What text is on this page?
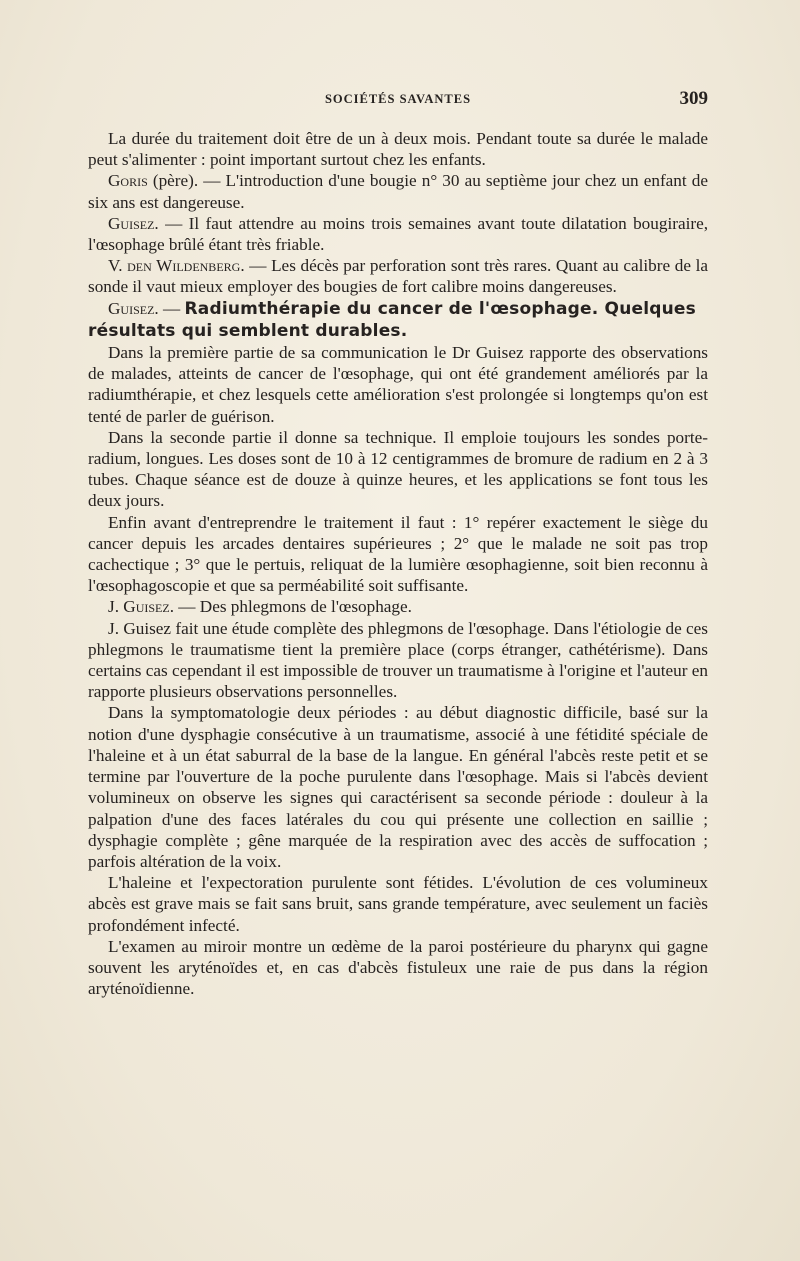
SOCIÉTÉS SAVANTES	309

La durée du traitement doit être de un à deux mois. Pendant toute sa durée le malade peut s'alimenter : point important surtout chez les enfants.

Goris (père). — L'introduction d'une bougie n° 30 au septième jour chez un enfant de six ans est dangereuse.

Guisez. — Il faut attendre au moins trois semaines avant toute dilatation bougiraire, l'œsophage brûlé étant très friable.

V. den Wildenberg. — Les décès par perforation sont très rares. Quant au calibre de la sonde il vaut mieux employer des bougies de fort calibre moins dangereuses.

Guisez. — Radiumthérapie du cancer de l'œsophage. Quelques résultats qui semblent durables.

Dans la première partie de sa communication le Dr Guisez rapporte des observations de malades, atteints de cancer de l'œsophage, qui ont été grandement améliorés par la radiumthérapie, et chez lesquels cette amélioration s'est prolongée si longtemps qu'on est tenté de parler de guérison.

Dans la seconde partie il donne sa technique. Il emploie toujours les sondes porte-radium, longues. Les doses sont de 10 à 12 centigrammes de bromure de radium en 2 à 3 tubes. Chaque séance est de douze à quinze heures, et les applications se font tous les deux jours.

Enfin avant d'entreprendre le traitement il faut : 1° repérer exactement le siège du cancer depuis les arcades dentaires supérieures ; 2° que le malade ne soit pas trop cachectique ; 3° que le pertuis, reliquat de la lumière œsophagienne, soit bien reconnu à l'œsophagoscopie et que sa perméabilité soit suffisante.

J. Guisez. — Des phlegmons de l'œsophage.

J. Guisez fait une étude complète des phlegmons de l'œsophage. Dans l'étiologie de ces phlegmons le traumatisme tient la première place (corps étranger, cathétérisme). Dans certains cas cependant il est impossible de trouver un traumatisme à l'origine et l'auteur en rapporte plusieurs observations personnelles.

Dans la symptomatologie deux périodes : au début diagnostic difficile, basé sur la notion d'une dysphagie consécutive à un traumatisme, associé à une fétidité spéciale de l'haleine et à un état saburral de la base de la langue. En général l'abcès reste petit et se termine par l'ouverture de la poche purulente dans l'œsophage. Mais si l'abcès devient volumineux on observe les signes qui caractérisent sa seconde période : douleur à la palpation d'une des faces latérales du cou qui présente une collection en saillie ; dysphagie complète ; gêne marquée de la respiration avec des accès de suffocation ; parfois altération de la voix.

L'haleine et l'expectoration purulente sont fétides. L'évolution de ces volumineux abcès est grave mais se fait sans bruit, sans grande température, avec seulement un faciès profondément infecté.

L'examen au miroir montre un œdème de la paroi postérieure du pharynx qui gagne souvent les aryténoïdes et, en cas d'abcès fistuleux une raie de pus dans la région aryténoïdienne.
